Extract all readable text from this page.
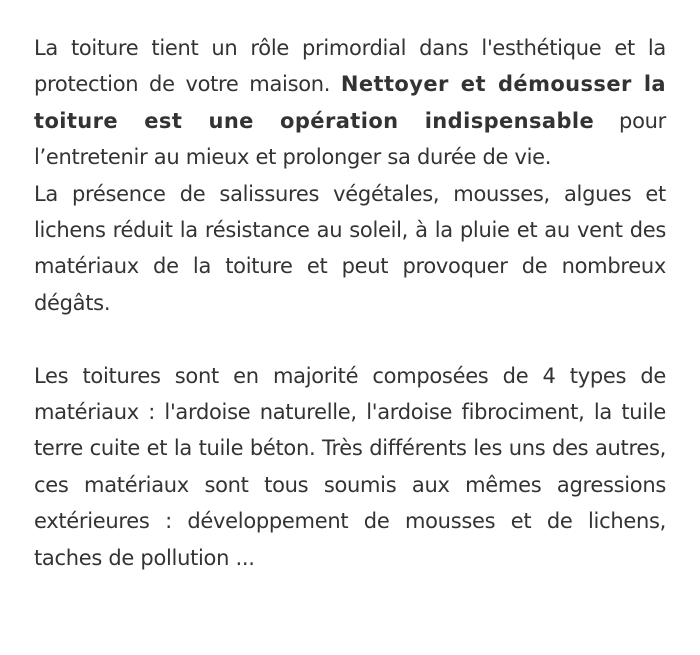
La toiture tient un rôle primordial dans l'esthétique et la protection de votre maison. Nettoyer et démousser la toiture est une opération indispensable pour l’entretenir au mieux et prolonger sa durée de vie.

La présence de salissures végétales, mousses, algues et lichens réduit la résistance au soleil, à la pluie et au vent des matériaux de la toiture et peut provoquer de nombreux dégâts.

Les toitures sont en majorité composées de 4 types de matériaux : l'ardoise naturelle, l'ardoise fibrociment, la tuile terre cuite et la tuile béton. Très différents les uns des autres, ces matériaux sont tous soumis aux mêmes agressions extérieures : développement de mousses et de lichens, taches de pollution ...
